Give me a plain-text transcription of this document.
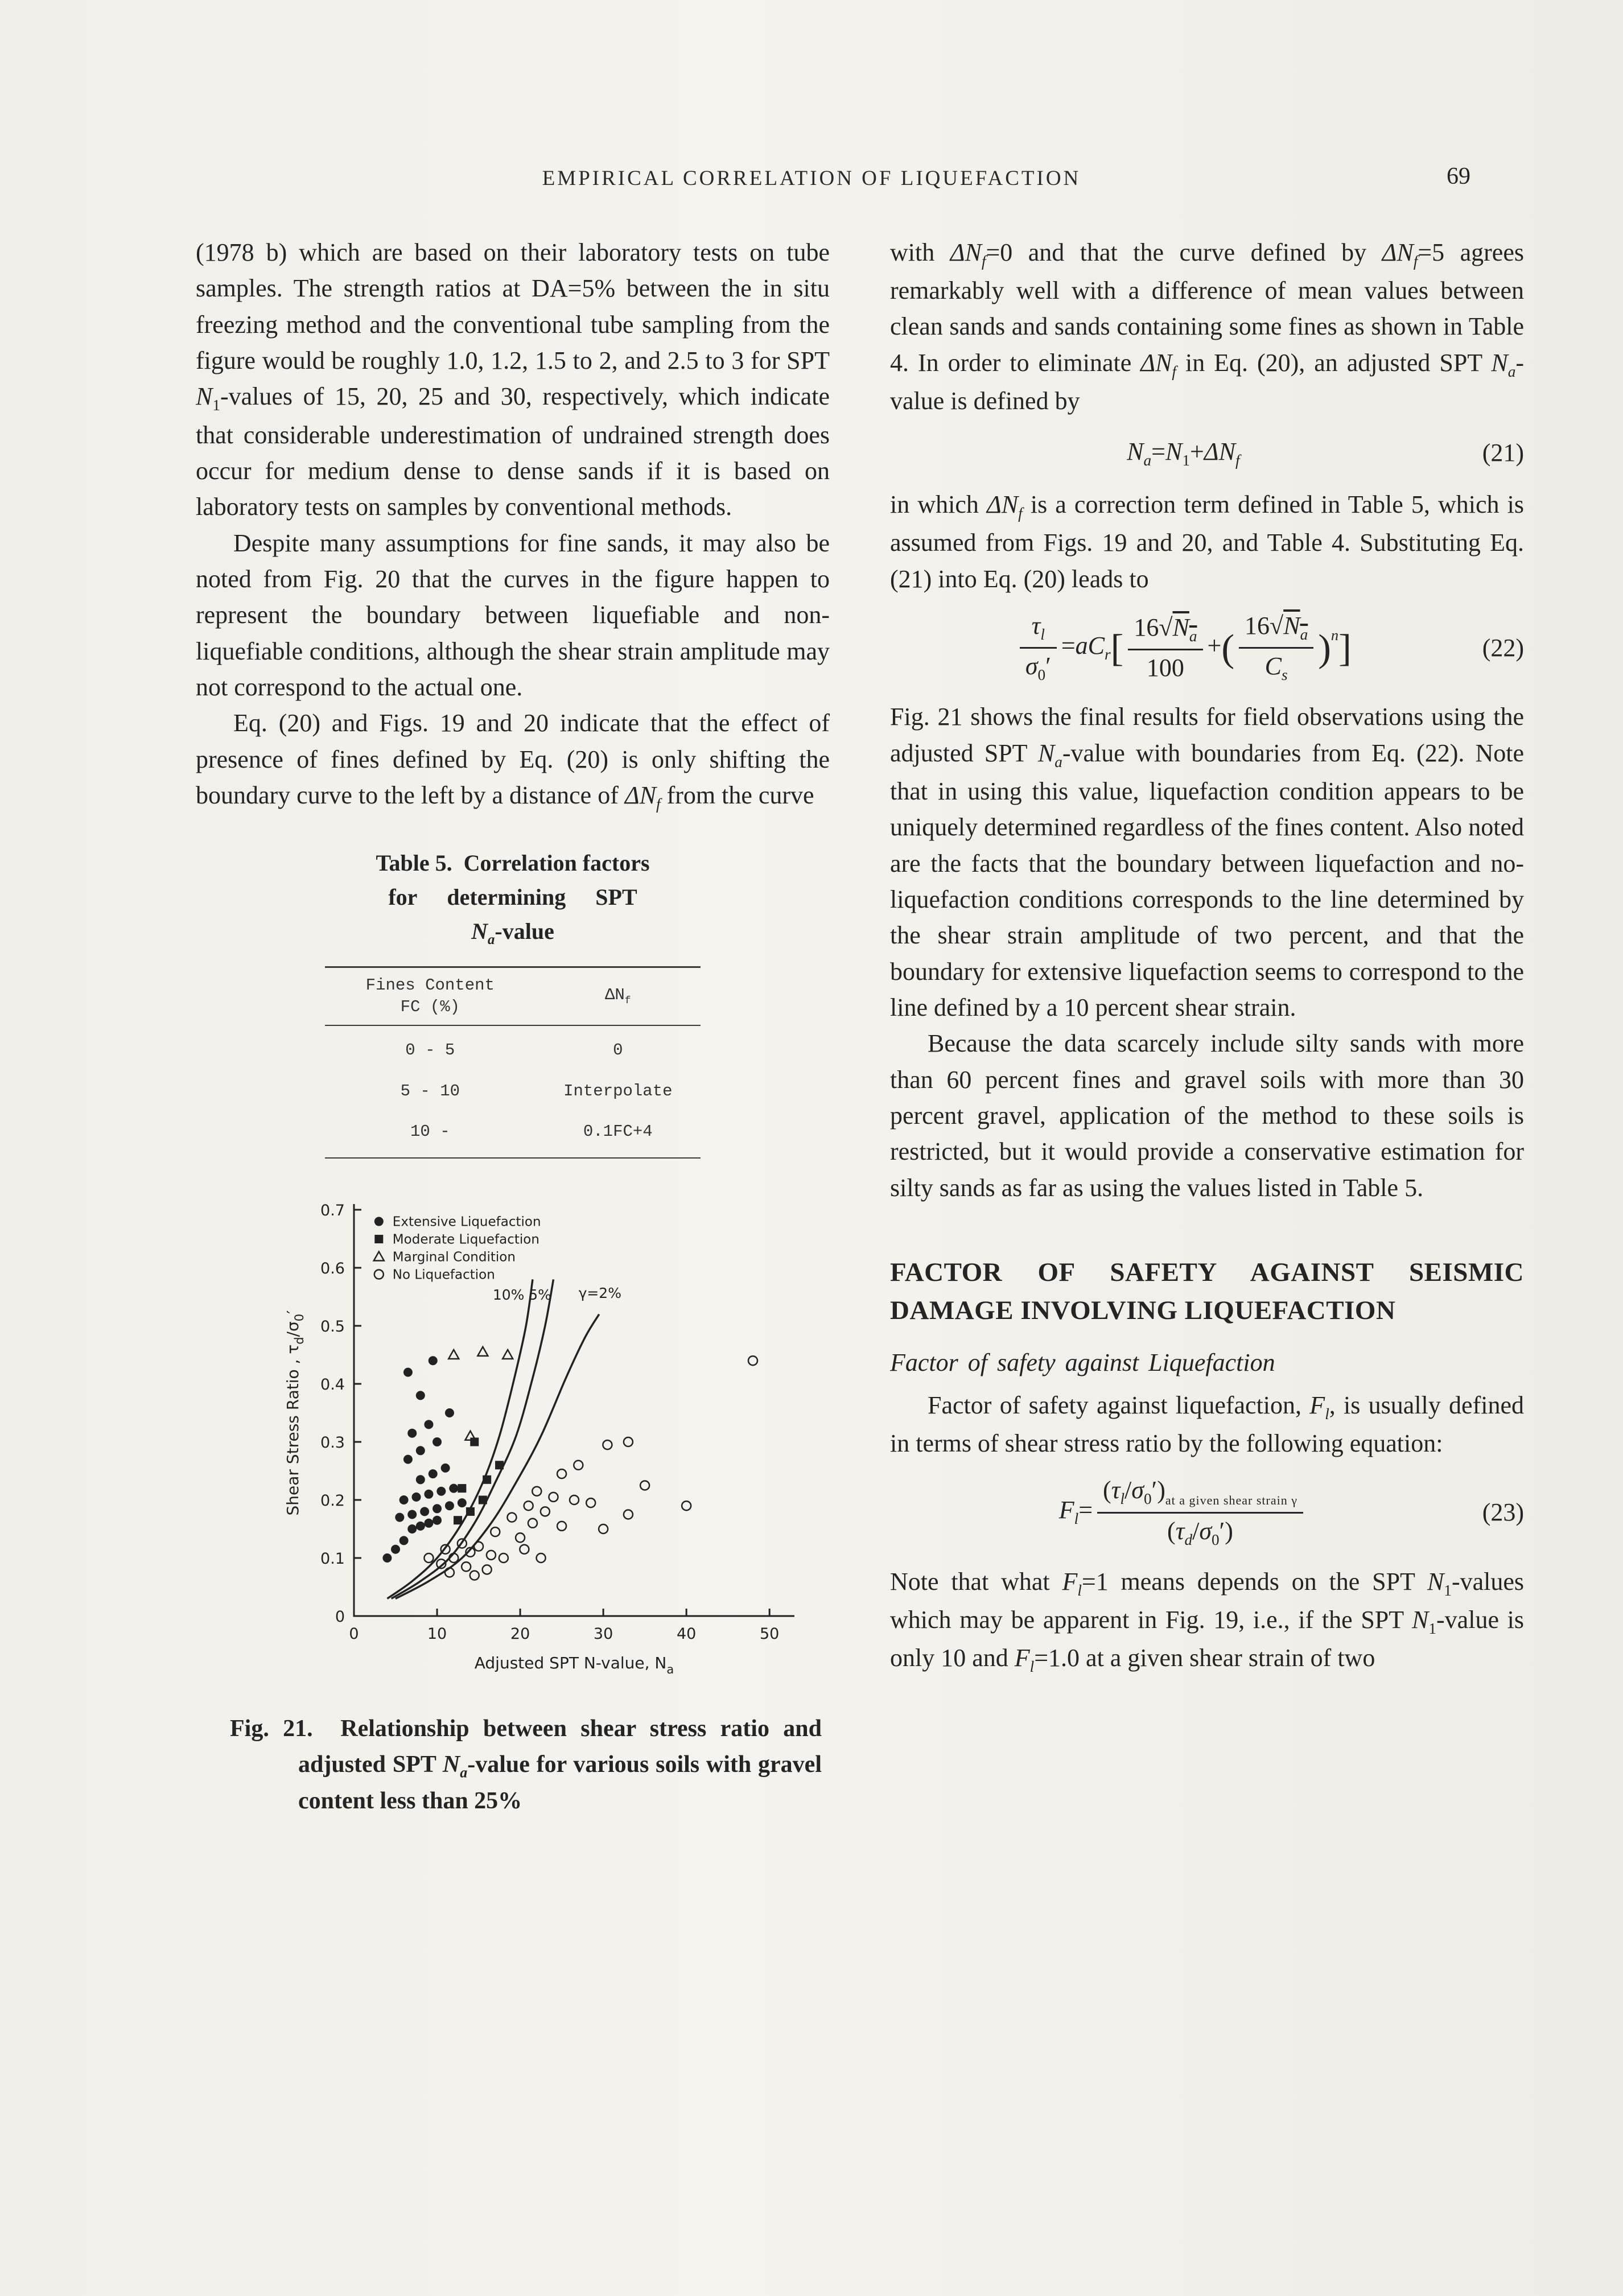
EMPIRICAL CORRELATION OF LIQUEFACTION	69

(1978 b) which are based on their laboratory tests on tube samples. The strength ratios at DA=5% between the in situ freezing method and the conventional tube sampling from the figure would be roughly 1.0, 1.2, 1.5 to 2, and 2.5 to 3 for SPT $N_1$-values of 15, 20, 25 and 30, respectively, which indicate that considerable underestimation of undrained strength does occur for medium dense to dense sands if it is based on laboratory tests on samples by conventional methods.

Despite many assumptions for fine sands, it may also be noted from Fig. 20 that the curves in the figure happen to represent the boundary between liquefiable and non-liquefiable conditions, although the shear strain amplitude may not correspond to the actual one.

Eq. (20) and Figs. 19 and 20 indicate that the effect of presence of fines defined by Eq. (20) is only shifting the boundary curve to the left by a distance of $\Delta N_f$ from the curve

Table 5.  Correlation factors
for  determining  SPT
$N_a$-value
Fines Content
FC (%)	$\Delta N_f$
0 - 5	0
5 - 10	Interpolate
10 -	0.1FC+4
0
0.1
0.2
0.3
0.4
0.5
0.6
0.7
0	10	20	30	40	50
Adjusted SPT N-value, $N_a$
Shear Stress Ratio , $\tau_d/\sigma_0'$
Extensive Liquefaction
Moderate Liquefaction
Marginal Condition
No Liquefaction
10% 5% γ=2%
Fig. 21.  Relationship between shear stress ratio and adjusted SPT $N_a$-value for various soils with gravel content less than 25%

with $\Delta N_f=0$ and that the curve defined by $\Delta N_f=5$ agrees remarkably well with a difference of mean values between clean sands and sands containing some fines as shown in Table 4. In order to eliminate $\Delta N_f$ in Eq. (20), an adjusted SPT $N_a$-value is defined by

$N_a=N_1+\Delta N_f$	(21)

in which $\Delta N_f$ is a correction term defined in Table 5, which is assumed from Figs. 19 and 20, and Table 4. Substituting Eq. (21) into Eq. (20) leads to

$\frac{\tau_l}{\sigma_0'} =aC_r[ \frac{16√N_a}{100}$ +( $\frac{16√N_a}{C_s} )^n$]	(22)

Fig. 21 shows the final results for field observations using the adjusted SPT $N_a$-value with boundaries from Eq. (22). Note that in using this value, liquefaction condition appears to be uniquely determined regardless of the fines content. Also noted are the facts that the boundary between liquefaction and no-liquefaction conditions corresponds to the line determined by the shear strain amplitude of two percent, and that the boundary for extensive liquefaction seems to correspond to the line defined by a 10 percent shear strain.

Because the data scarcely include silty sands with more than 60 percent fines and gravel soils with more than 30 percent gravel, application of the method to these soils is restricted, but it would provide a conservative estimation for silty sands as far as using the values listed in Table 5.

FACTOR OF SAFETY AGAINST SEISMIC DAMAGE INVOLVING LIQUEFACTION
Factor of safety against Liquefaction

Factor of safety against liquefaction, $F_l$, is usually defined in terms of shear stress ratio by the following equation:

$F_l= \frac{(\tau_l/\sigma_0')_{at a given shear strain \gamma}}{(\tau_d/\sigma_0')}$	(23)

Note that what $F_l=1$ means depends on the SPT $N_1$-values which may be apparent in Fig. 19, i.e., if the SPT $N_1$-value is only 10 and $F_l=1.0$ at a given shear strain of two
